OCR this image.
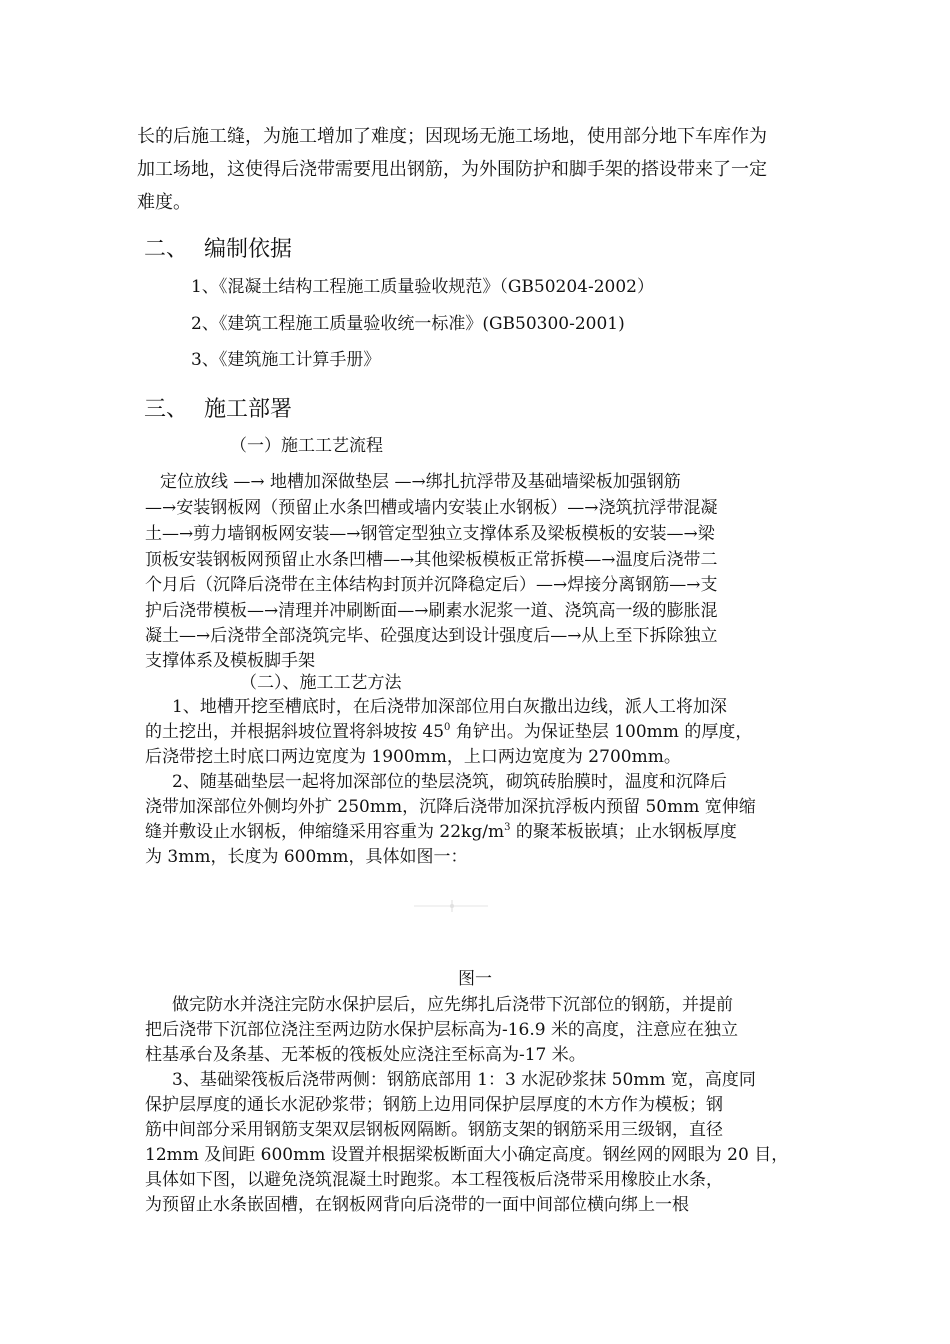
长的后施工缝，为施工增加了难度；因现场无施工场地，使用部分地下车库作为
加工场地，这使得后浇带需要甩出钢筋，为外围防护和脚手架的搭设带来了一定
难度。
二、 编制依据
1、《混凝土结构工程施工质量验收规范》（GB50204-2002）
2、《建筑工程施工质量验收统一标准》(GB50300-2001)
3、《建筑施工计算手册》
三、 施工部署
（一）施工工艺流程
定位放线 —→ 地槽加深做垫层 —→绑扎抗浮带及基础墙梁板加强钢筋
—→安装钢板网（预留止水条凹槽或墙内安装止水钢板）—→浇筑抗浮带混凝
土—→剪力墙钢板网安装—→钢管定型独立支撑体系及梁板模板的安装—→梁
顶板安装钢板网预留止水条凹槽—→其他梁板模板正常拆模—→温度后浇带二
个月后（沉降后浇带在主体结构封顶并沉降稳定后）—→焊接分离钢筋—→支
护后浇带模板—→清理并冲刷断面—→刷素水泥浆一道、浇筑高一级的膨胀混
凝土—→后浇带全部浇筑完毕、砼强度达到设计强度后—→从上至下拆除独立
支撑体系及模板脚手架
（二）、施工工艺方法
1、地槽开挖至槽底时，在后浇带加深部位用白灰撒出边线，派人工将加深
的土挖出，并根据斜坡位置将斜坡按 $45^0$ 角铲出。为保证垫层 100mm 的厚度，
后浇带挖土时底口两边宽度为 1900mm，上口两边宽度为 2700mm。
2、随基础垫层一起将加深部位的垫层浇筑，砌筑砖胎膜时，温度和沉降后
浇带加深部位外侧均外扩 250mm，沉降后浇带加深抗浮板内预留 50mm 宽伸缩
缝并敷设止水钢板，伸缩缝采用容重为 $22kg/m^3$ 的聚苯板嵌填；止水钢板厚度
为 3mm，长度为 600mm，具体如图一：
图一
做完防水并浇注完防水保护层后，应先绑扎后浇带下沉部位的钢筋，并提前
把后浇带下沉部位浇注至两边防水保护层标高为-16.9 米的高度，注意应在独立
柱基承台及条基、无苯板的筏板处应浇注至标高为-17 米。
3、基础梁筏板后浇带两侧：钢筋底部用 1：3 水泥砂浆抹 50mm 宽，高度同
保护层厚度的通长水泥砂浆带；钢筋上边用同保护层厚度的木方作为模板；钢
筋中间部分采用钢筋支架双层钢板网隔断。钢筋支架的钢筋采用三级钢，直径
12mm 及间距 600mm 设置并根据梁板断面大小确定高度。钢丝网的网眼为 20 目，
具体如下图，以避免浇筑混凝土时跑浆。本工程筏板后浇带采用橡胶止水条，
为预留止水条嵌固槽，在钢板网背向后浇带的一面中间部位横向绑上一根
